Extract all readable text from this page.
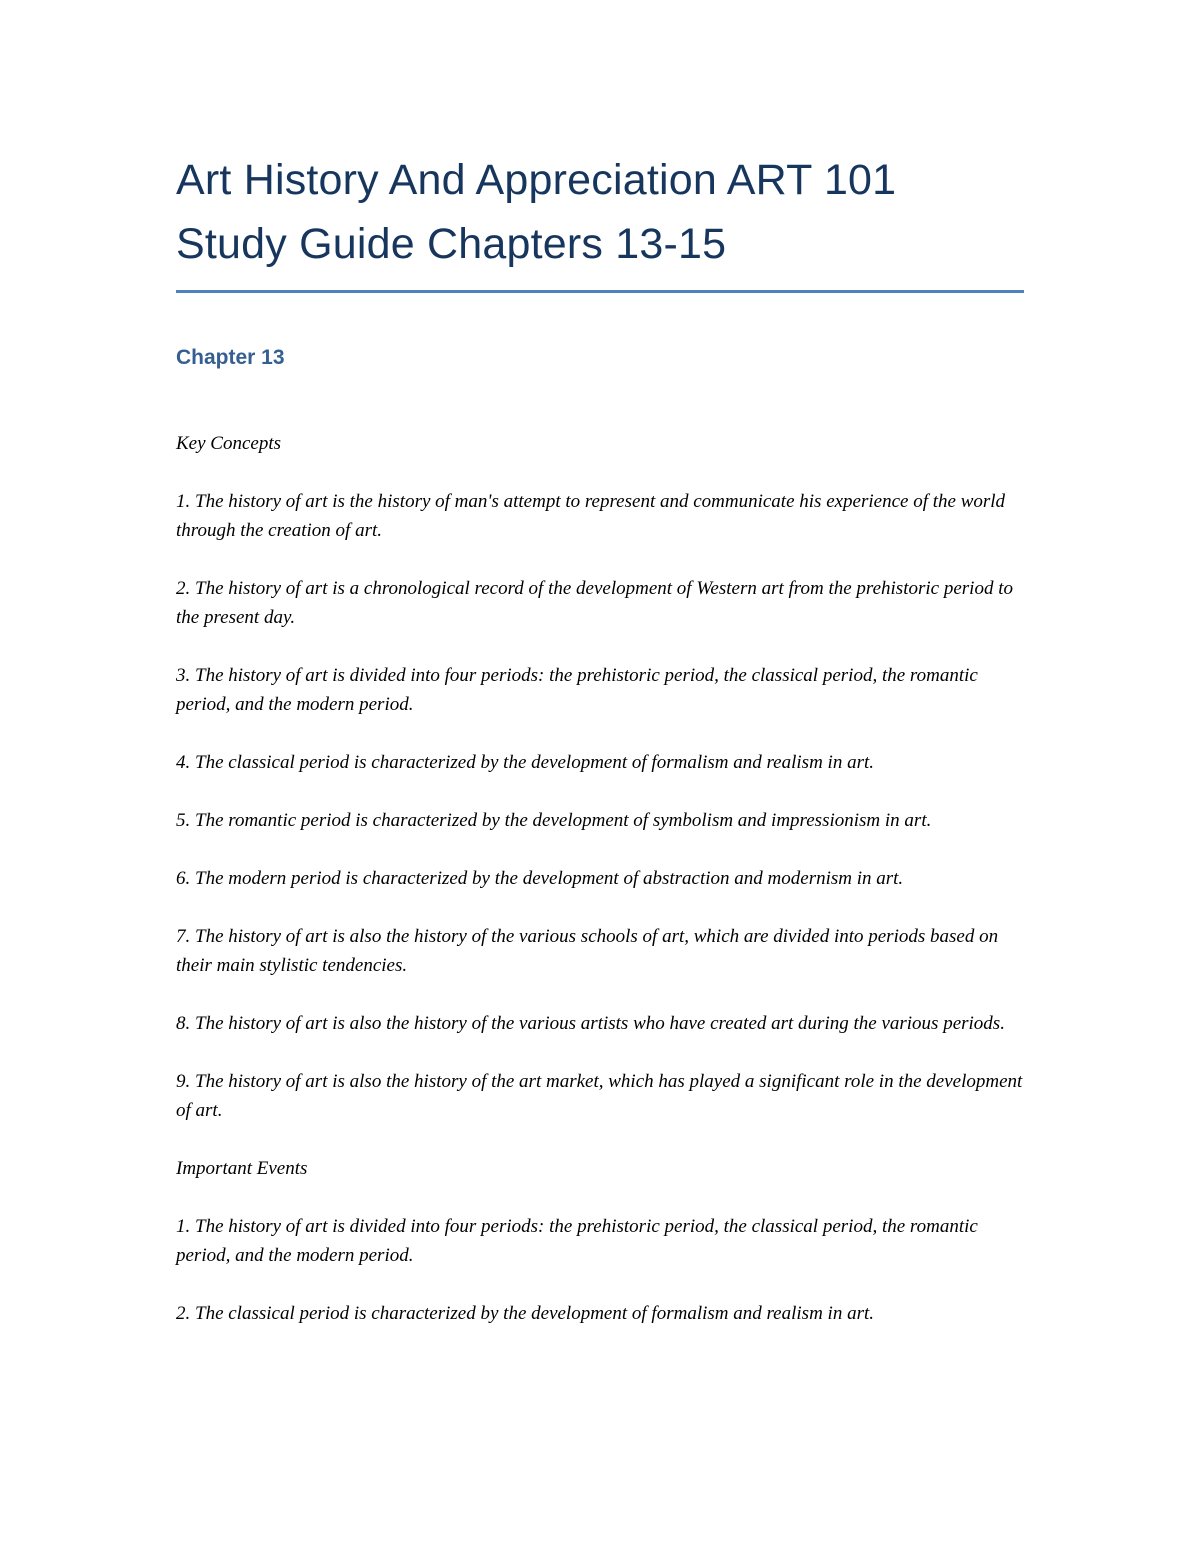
Art History And Appreciation ART 101
Study Guide Chapters 13-15
Chapter 13

Key Concepts

1. The history of art is the history of man's attempt to represent and communicate his experience of the world through the creation of art.

2. The history of art is a chronological record of the development of Western art from the prehistoric period to the present day.

3. The history of art is divided into four periods: the prehistoric period, the classical period, the romantic period, and the modern period.

4. The classical period is characterized by the development of formalism and realism in art.

5. The romantic period is characterized by the development of symbolism and impressionism in art.

6. The modern period is characterized by the development of abstraction and modernism in art.

7. The history of art is also the history of the various schools of art, which are divided into periods based on their main stylistic tendencies.

8. The history of art is also the history of the various artists who have created art during the various periods.

9. The history of art is also the history of the art market, which has played a significant role in the development of art.

Important Events

1. The history of art is divided into four periods: the prehistoric period, the classical period, the romantic period, and the modern period.

2. The classical period is characterized by the development of formalism and realism in art.
